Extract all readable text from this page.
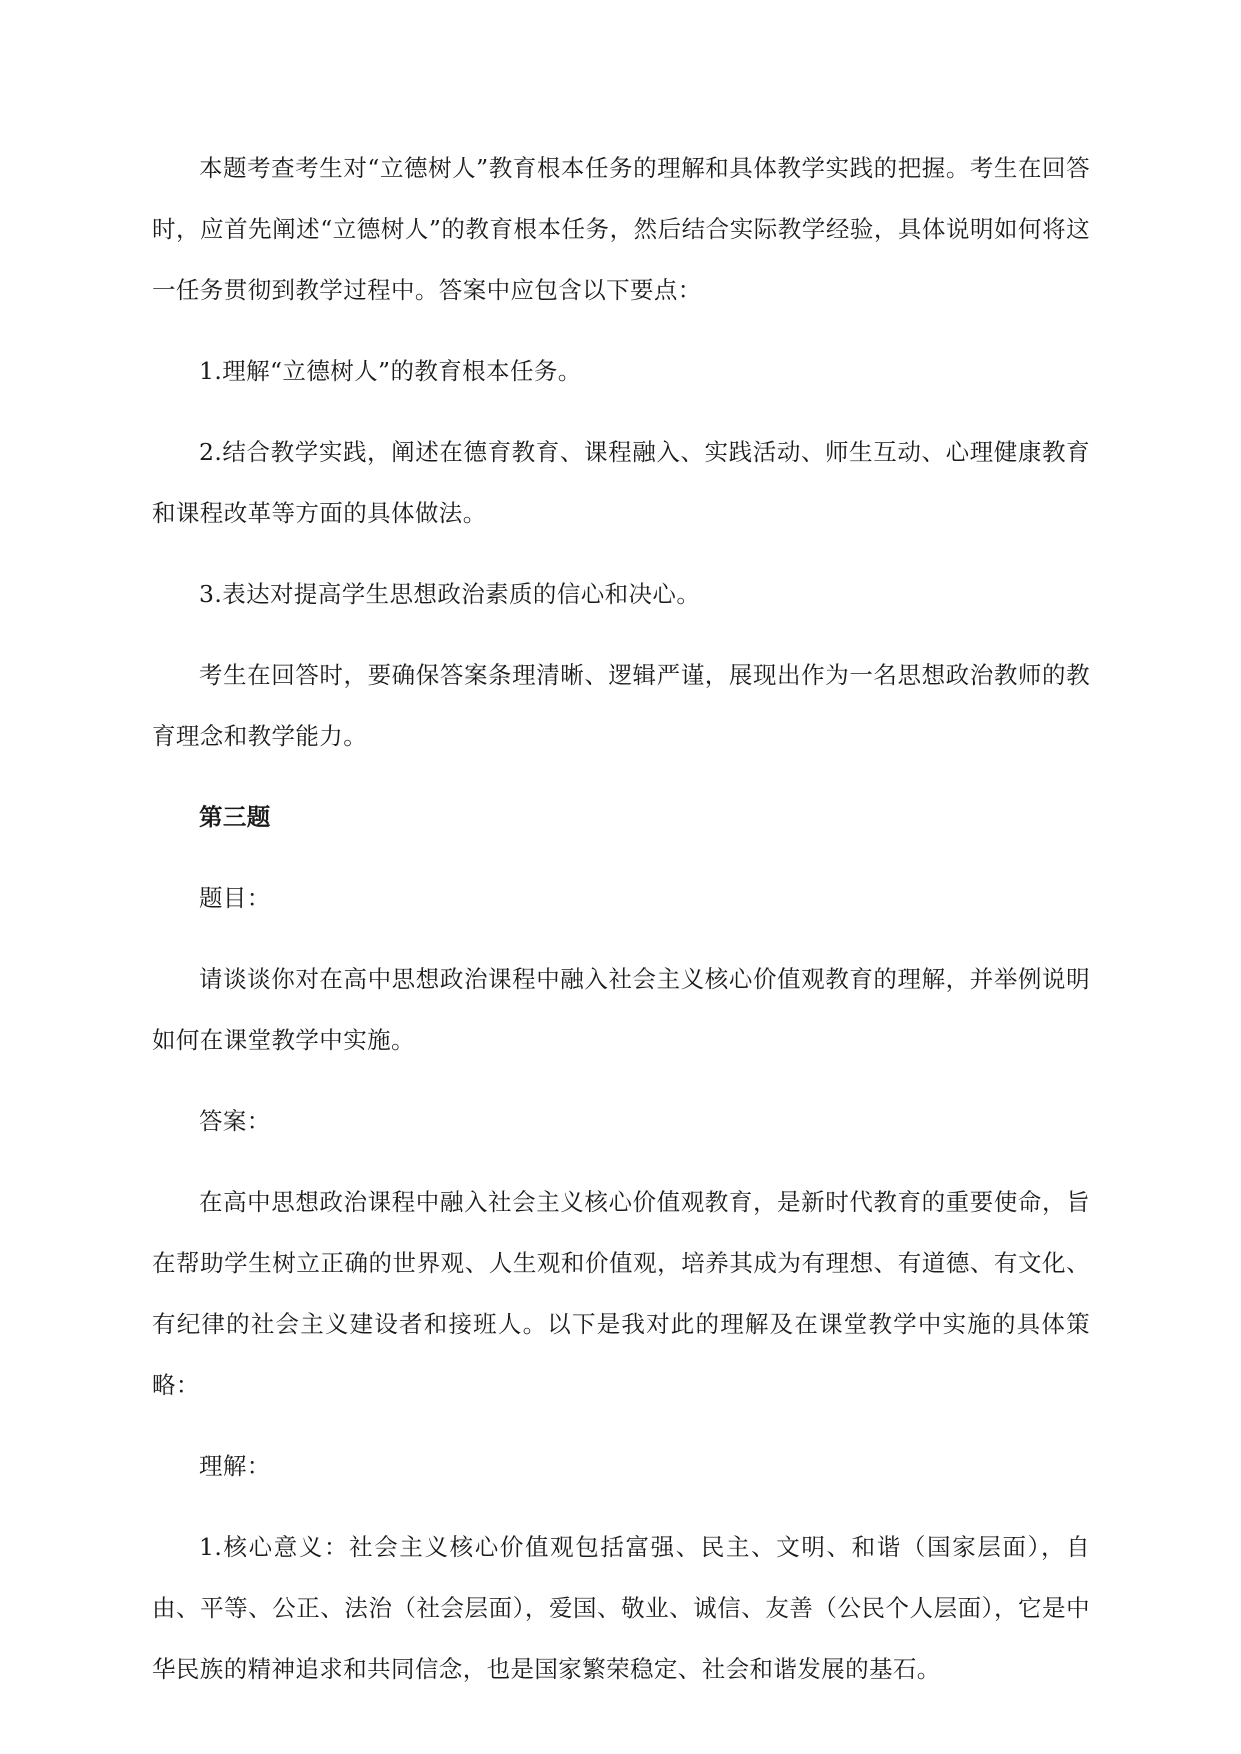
本题考查考生对“立德树人”教育根本任务的理解和具体教学实践的把握。考生在回答时，应首先阐述“立德树人”的教育根本任务，然后结合实际教学经验，具体说明如何将这一任务贯彻到教学过程中。答案中应包含以下要点：

1.理解“立德树人”的教育根本任务。

2.结合教学实践，阐述在德育教育、课程融入、实践活动、师生互动、心理健康教育和课程改革等方面的具体做法。

3.表达对提高学生思想政治素质的信心和决心。

考生在回答时，要确保答案条理清晰、逻辑严谨，展现出作为一名思想政治教师的教育理念和教学能力。

第三题

题目：

请谈谈你对在高中思想政治课程中融入社会主义核心价值观教育的理解，并举例说明如何在课堂教学中实施。

答案：

在高中思想政治课程中融入社会主义核心价值观教育，是新时代教育的重要使命，旨在帮助学生树立正确的世界观、人生观和价值观，培养其成为有理想、有道德、有文化、有纪律的社会主义建设者和接班人。以下是我对此的理解及在课堂教学中实施的具体策略：

理解：

1.核心意义：社会主义核心价值观包括富强、民主、文明、和谐（国家层面），自由、平等、公正、法治（社会层面），爱国、敬业、诚信、友善（公民个人层面），它是中华民族的精神追求和共同信念，也是国家繁荣稳定、社会和谐发展的基石。
